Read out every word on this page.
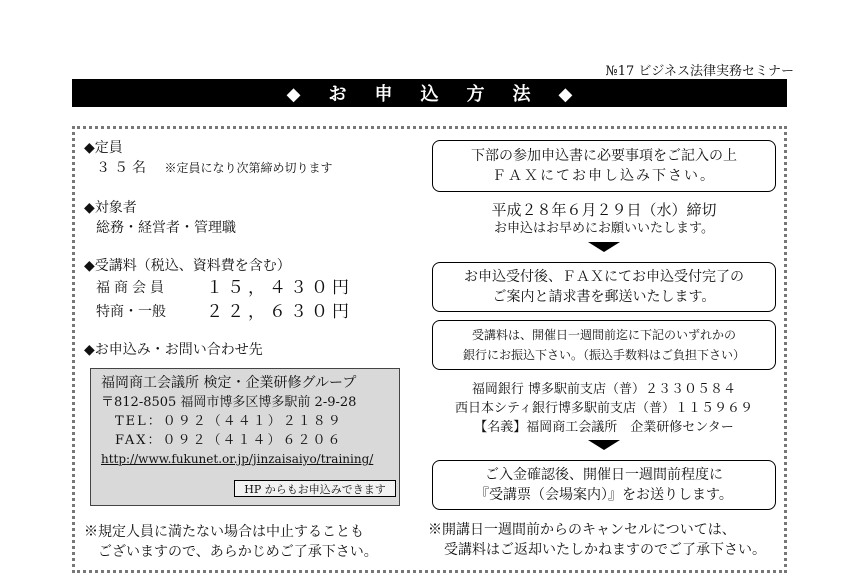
№17 ビジネス法律実務セミナー
◆お申込方法◆
◆定員
３５名 ※定員になり次第締め切ります
◆対象者
総務・経営者・管理職
◆受講料（税込、資料費を含む）
福商会員	１５，４３０円
特商・一般	２２，６３０円
◆お申込み・お問い合わせ先
福岡商工会議所 検定・企業研修グループ
〒812-8505 福岡市博多区博多駅前 2-9-28
TEL：０９２（４４１）２１８９
FAX：０９２（４１４）６２０６
http://www.fukunet.or.jp/jinzaisaiyo/training/
HP からもお申込みできます
※規定人員に満たない場合は中止することも
ございますので、あらかじめご了承下さい。
下部の参加申込書に必要事項をご記入の上
ＦＡＸにてお申し込み下さい。
平成２８年６月２９日（水）締切
お申込はお早めにお願いいたします。
お申込受付後、ＦＡＸにてお申込受付完了の
ご案内と請求書を郵送いたします。
受講料は、開催日一週間前迄に下記のいずれかの
銀行にお振込下さい。（振込手数料はご負担下さい）
福岡銀行 博多駅前支店（普）２３３０５８４
西日本シティ銀行博多駅前支店（普）１１５９６９
【名義】福岡商工会議所　企業研修センター
ご入金確認後、開催日一週間前程度に
『受講票（会場案内）』をお送りします。
※開講日一週間前からのキャンセルについては、
受講料はご返却いたしかねますのでご了承下さい。
